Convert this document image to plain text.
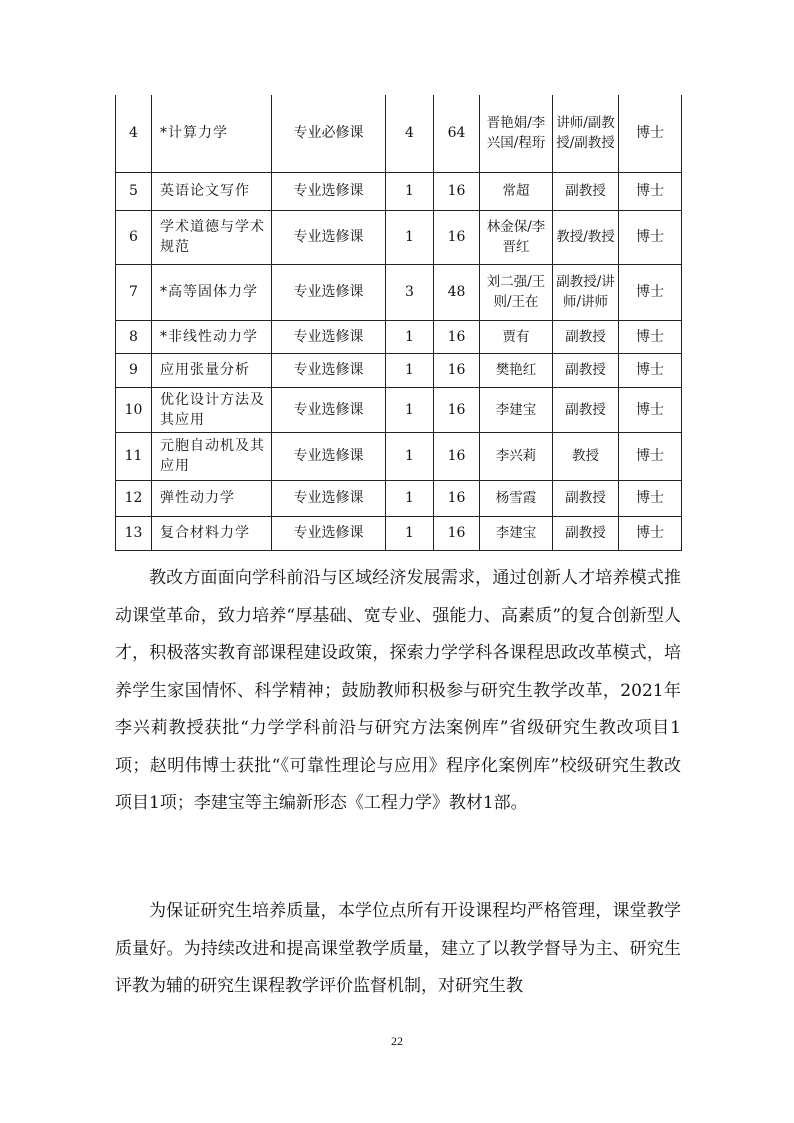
4	*计算力学	专业必修课	4	64	晋艳娟/李兴国/程珩	讲师/副教授/副教授	博士
5	英语论文写作	专业选修课	1	16	常超	副教授	博士
6	学术道德与学术规范	专业选修课	1	16	林金保/李晋红	教授/教授	博士
7	*高等固体力学	专业选修课	3	48	刘二强/王则/王在	副教授/讲师/讲师	博士
8	*非线性动力学	专业选修课	1	16	贾有	副教授	博士
9	应用张量分析	专业选修课	1	16	樊艳红	副教授	博士
10	优化设计方法及其应用	专业选修课	1	16	李建宝	副教授	博士
11	元胞自动机及其应用	专业选修课	1	16	李兴莉	教授	博士
12	弹性动力学	专业选修课	1	16	杨雪霞	副教授	博士
13	复合材料力学	专业选修课	1	16	李建宝	副教授	博士

教改方面面向学科前沿与区域经济发展需求，通过创新人才培养模式推动课堂革命，致力培养“厚基础、宽专业、强能力、高素质”的复合创新型人才，积极落实教育部课程建设政策，探索力学学科各课程思政改革模式，培养学生家国情怀、科学精神；鼓励教师积极参与研究生教学改革，2021年李兴莉教授获批“力学学科前沿与研究方法案例库”省级研究生教改项目1项；赵明伟博士获批“《可靠性理论与应用》程序化案例库”校级研究生教改项目1项；李建宝等主编新形态《工程力学》教材1部。

为保证研究生培养质量，本学位点所有开设课程均严格管理，课堂教学质量好。为持续改进和提高课堂教学质量，建立了以教学督导为主、研究生评教为辅的研究生课程教学评价监督机制，对研究生教

22
